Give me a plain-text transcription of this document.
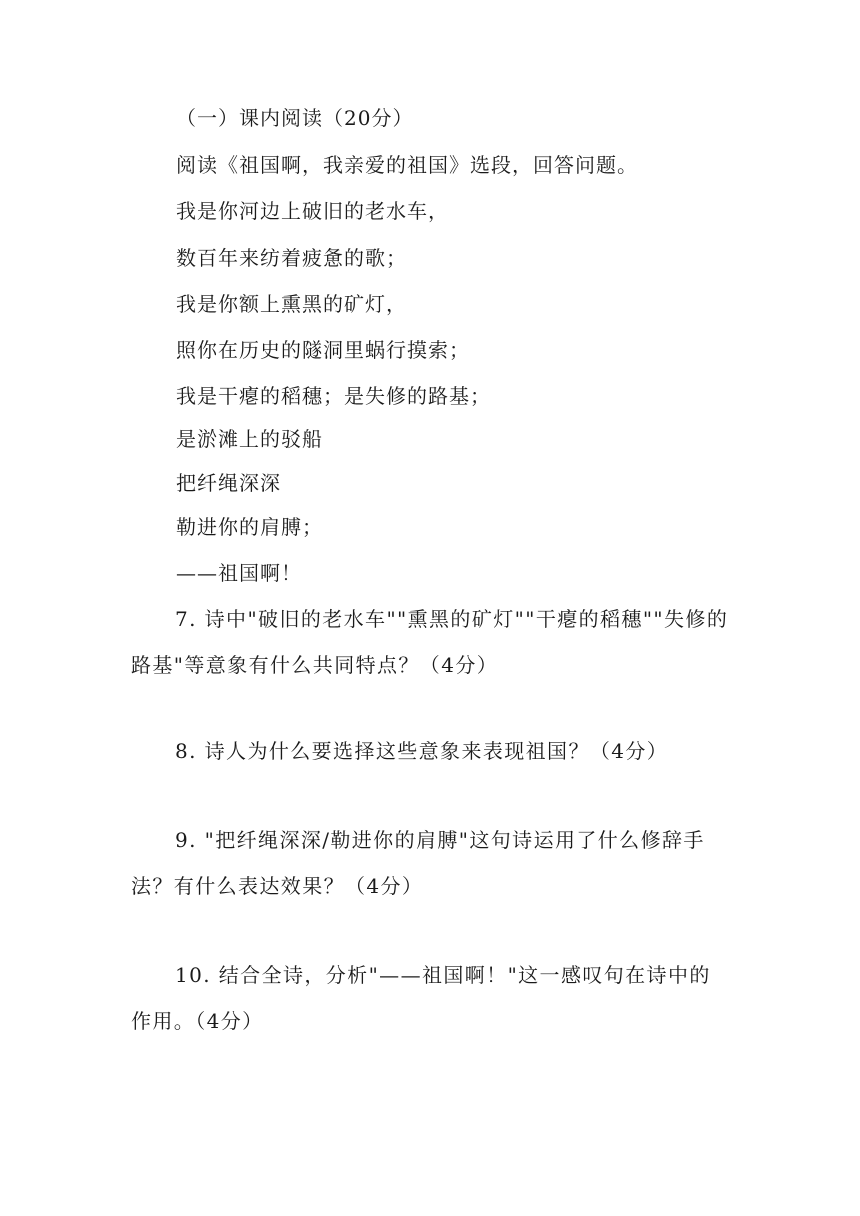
（一）课内阅读（20分）
阅读《祖国啊，我亲爱的祖国》选段，回答问题。
我是你河边上破旧的老水车，
数百年来纺着疲惫的歌；
我是你额上熏黑的矿灯，
照你在历史的隧洞里蜗行摸索；
我是干瘪的稻穗；是失修的路基；
是淤滩上的驳船
把纤绳深深
勒进你的肩膊；
——祖国啊！
7. 诗中"破旧的老水车""熏黑的矿灯""干瘪的稻穗""失修的路基"等意象有什么共同特点？（4分）
8. 诗人为什么要选择这些意象来表现祖国？（4分）
9. "把纤绳深深/勒进你的肩膊"这句诗运用了什么修辞手法？有什么表达效果？（4分）
10. 结合全诗，分析"——祖国啊！"这一感叹句在诗中的作用。（4分）
